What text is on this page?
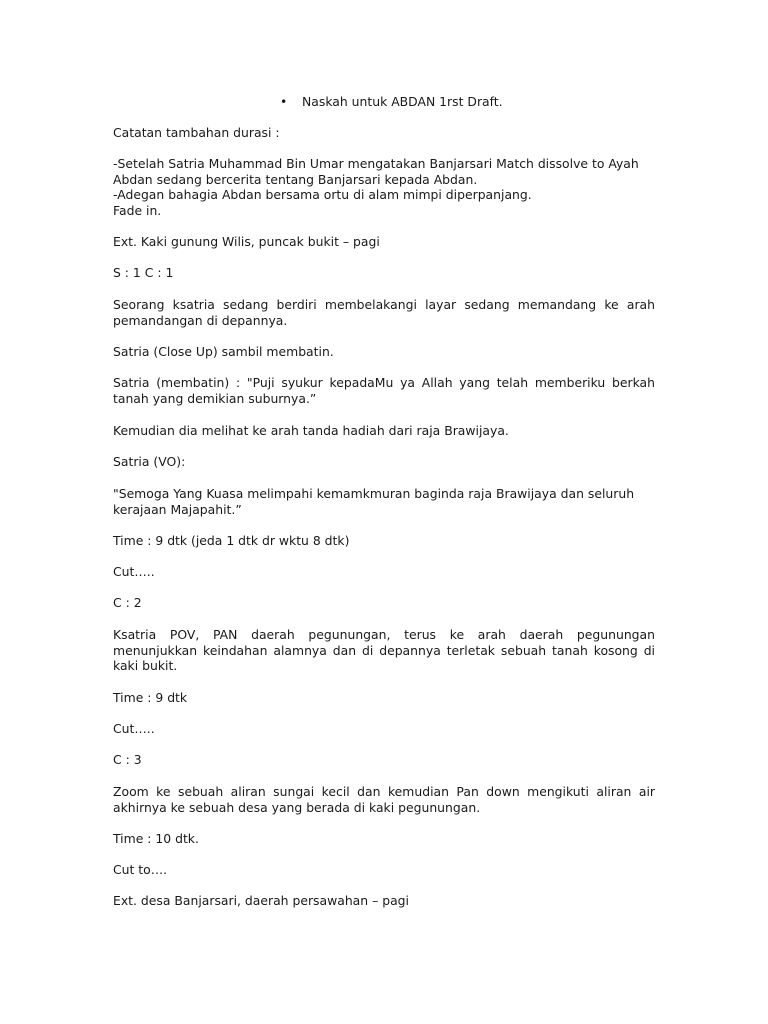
• Naskah untuk ABDAN 1rst Draft.

Catatan tambahan durasi :

-Setelah Satria Muhammad Bin Umar mengatakan Banjarsari Match dissolve to Ayah Abdan sedang bercerita tentang Banjarsari kepada Abdan.

-Adegan bahagia Abdan bersama ortu di alam mimpi diperpanjang.

Fade in.

Ext. Kaki gunung Wilis, puncak bukit – pagi

S : 1 C : 1

Seorang ksatria sedang berdiri membelakangi layar sedang memandang ke arah pemandangan di depannya.

Satria (Close Up) sambil membatin.

Satria (membatin) : "Puji syukur kepadaMu ya Allah yang telah memberiku berkah tanah yang demikian suburnya.”

Kemudian dia melihat ke arah tanda hadiah dari raja Brawijaya.

Satria (VO):

"Semoga Yang Kuasa melimpahi kemamkmuran baginda raja Brawijaya dan seluruh kerajaan Majapahit.”

Time : 9 dtk (jeda 1 dtk dr wktu 8 dtk)

Cut…..

C : 2

Ksatria POV, PAN daerah pegunungan, terus ke arah daerah pegunungan menunjukkan keindahan alamnya dan di depannya terletak sebuah tanah kosong di kaki bukit.

Time : 9 dtk

Cut…..

C : 3

Zoom ke sebuah aliran sungai kecil dan kemudian Pan down mengikuti aliran air akhirnya ke sebuah desa yang berada di kaki pegunungan.

Time : 10 dtk.

Cut to….

Ext. desa Banjarsari, daerah persawahan – pagi
